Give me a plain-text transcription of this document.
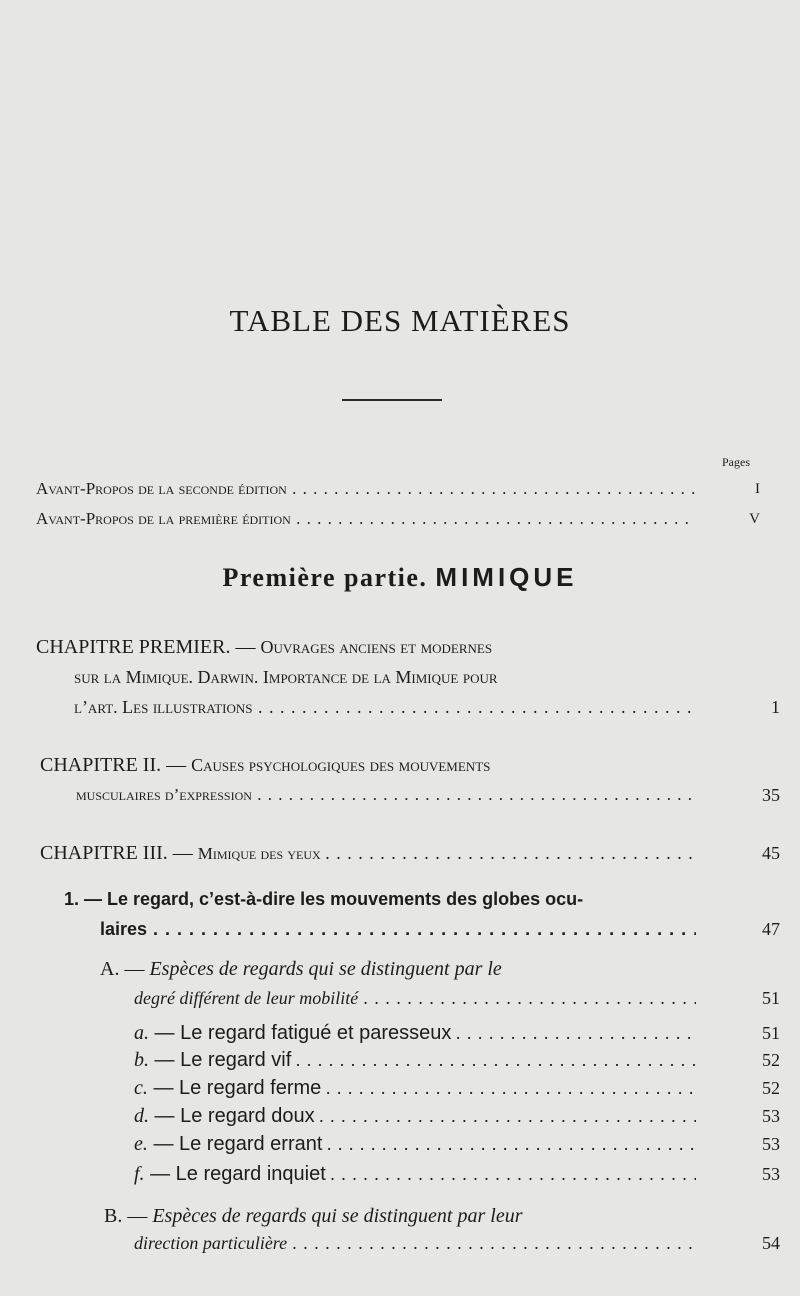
TABLE DES MATIÈRES
Pages
Avant-Propos de la seconde édition . . .	I
Avant-Propos de la première édition . . .	V
Première partie. MIMIQUE
CHAPITRE PREMIER. — Ouvrages anciens et modernes
sur la Mimique. Darwin. Importance de la Mimique pour
l’art. Les illustrations . . .	1
CHAPITRE II. — Causes psychologiques des mouvements
musculaires d’expression . . .	35
CHAPITRE III. — Mimique des yeux . . .	45
1. — Le regard, c’est-à-dire les mouvements des globes ocu-
laires . . .	47
A. — Espèces de regards qui se distinguent par le
degré différent de leur mobilité . . .	51
a. — Le regard fatigué et paresseux . . .	51
b. — Le regard vif . . .	52
c. — Le regard ferme . . .	52
d. — Le regard doux . . .	53
e. — Le regard errant . . .	53
f. — Le regard inquiet . . .	53
B. — Espèces de regards qui se distinguent par leur
direction particulière . . .	54
